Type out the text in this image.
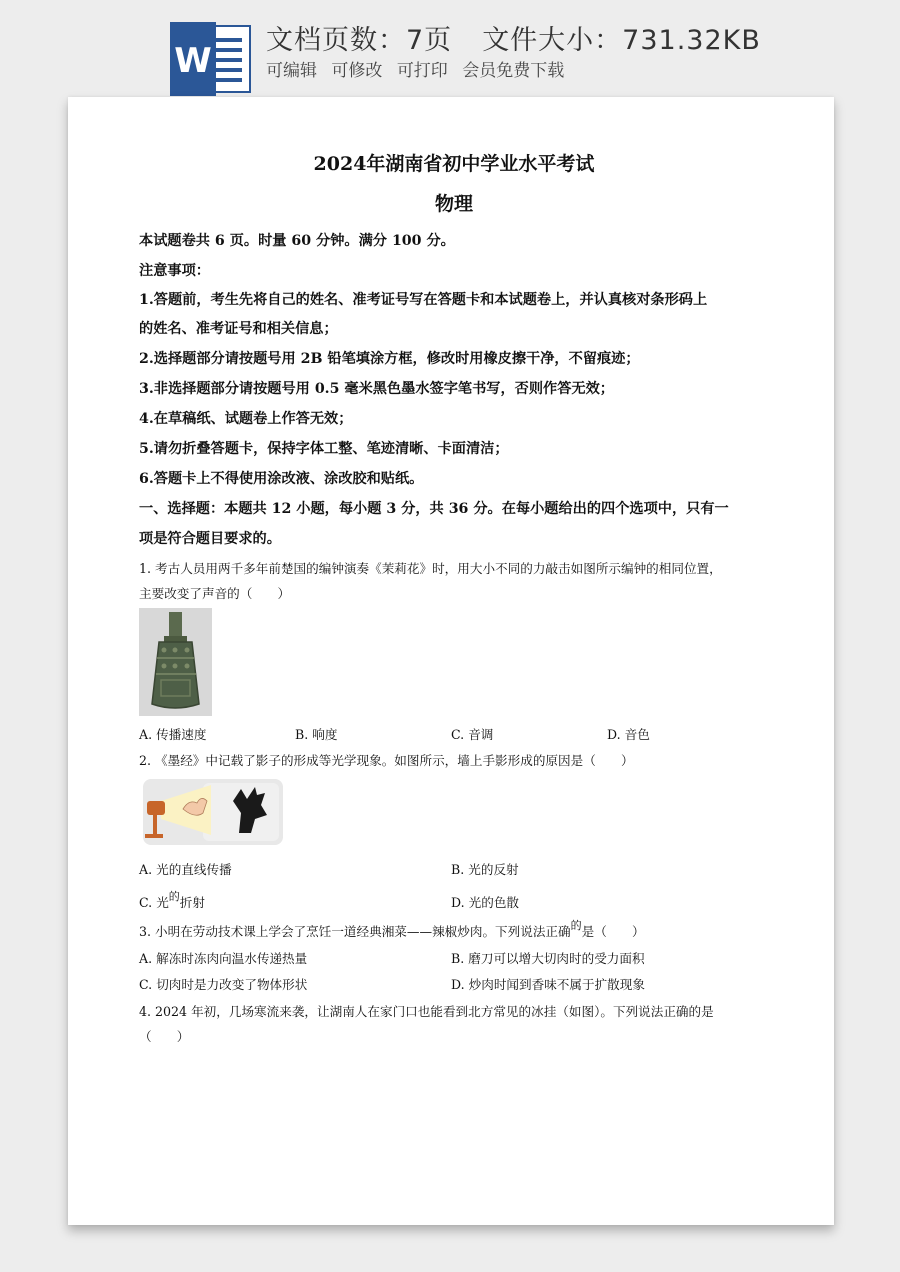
W
文档页数：7页 文件大小：731.32KB
可编辑 可修改 可打印 会员免费下载
2024年湖南省初中学业水平考试
物理
本试题卷共 6 页。时量 60 分钟。满分 100 分。
注意事项：
1.答题前，考生先将自己的姓名、准考证号写在答题卡和本试题卷上，并认真核对条形码上
的姓名、准考证号和相关信息；
2.选择题部分请按题号用 2B 铅笔填涂方框，修改时用橡皮擦干净，不留痕迹；
3.非选择题部分请按题号用 0.5 毫米黑色墨水签字笔书写，否则作答无效；
4.在草稿纸、试题卷上作答无效；
5.请勿折叠答题卡，保持字体工整、笔迹清晰、卡面清洁；
6.答题卡上不得使用涂改液、涂改胶和贴纸。
一、选择题：本题共 12 小题，每小题 3 分，共 36 分。在每小题给出的四个选项中，只有一
项是符合题目要求的。
1. 考古人员用两千多年前楚国的编钟演奏《茉莉花》时，用大小不同的力敲击如图所示编钟的相同位置，
主要改变了声音的（　　）
A. 传播速度	B. 响度	C. 音调	D. 音色
2. 《墨经》中记载了影子的形成等光学现象。如图所示，墙上手影形成的原因是（　　）
A. 光的直线传播	B. 光的反射
C. 光的折射	D. 光的色散
3. 小明在劳动技术课上学会了烹饪一道经典湘菜——辣椒炒肉。下列说法正确的是（　　）
A. 解冻时冻肉向温水传递热量	B. 磨刀可以增大切肉时的受力面积
C. 切肉时是力改变了物体形状	D. 炒肉时闻到香味不属于扩散现象
4. 2024 年初，几场寒流来袭，让湖南人在家门口也能看到北方常见的冰挂（如图）。下列说法正确的是
（　　）
